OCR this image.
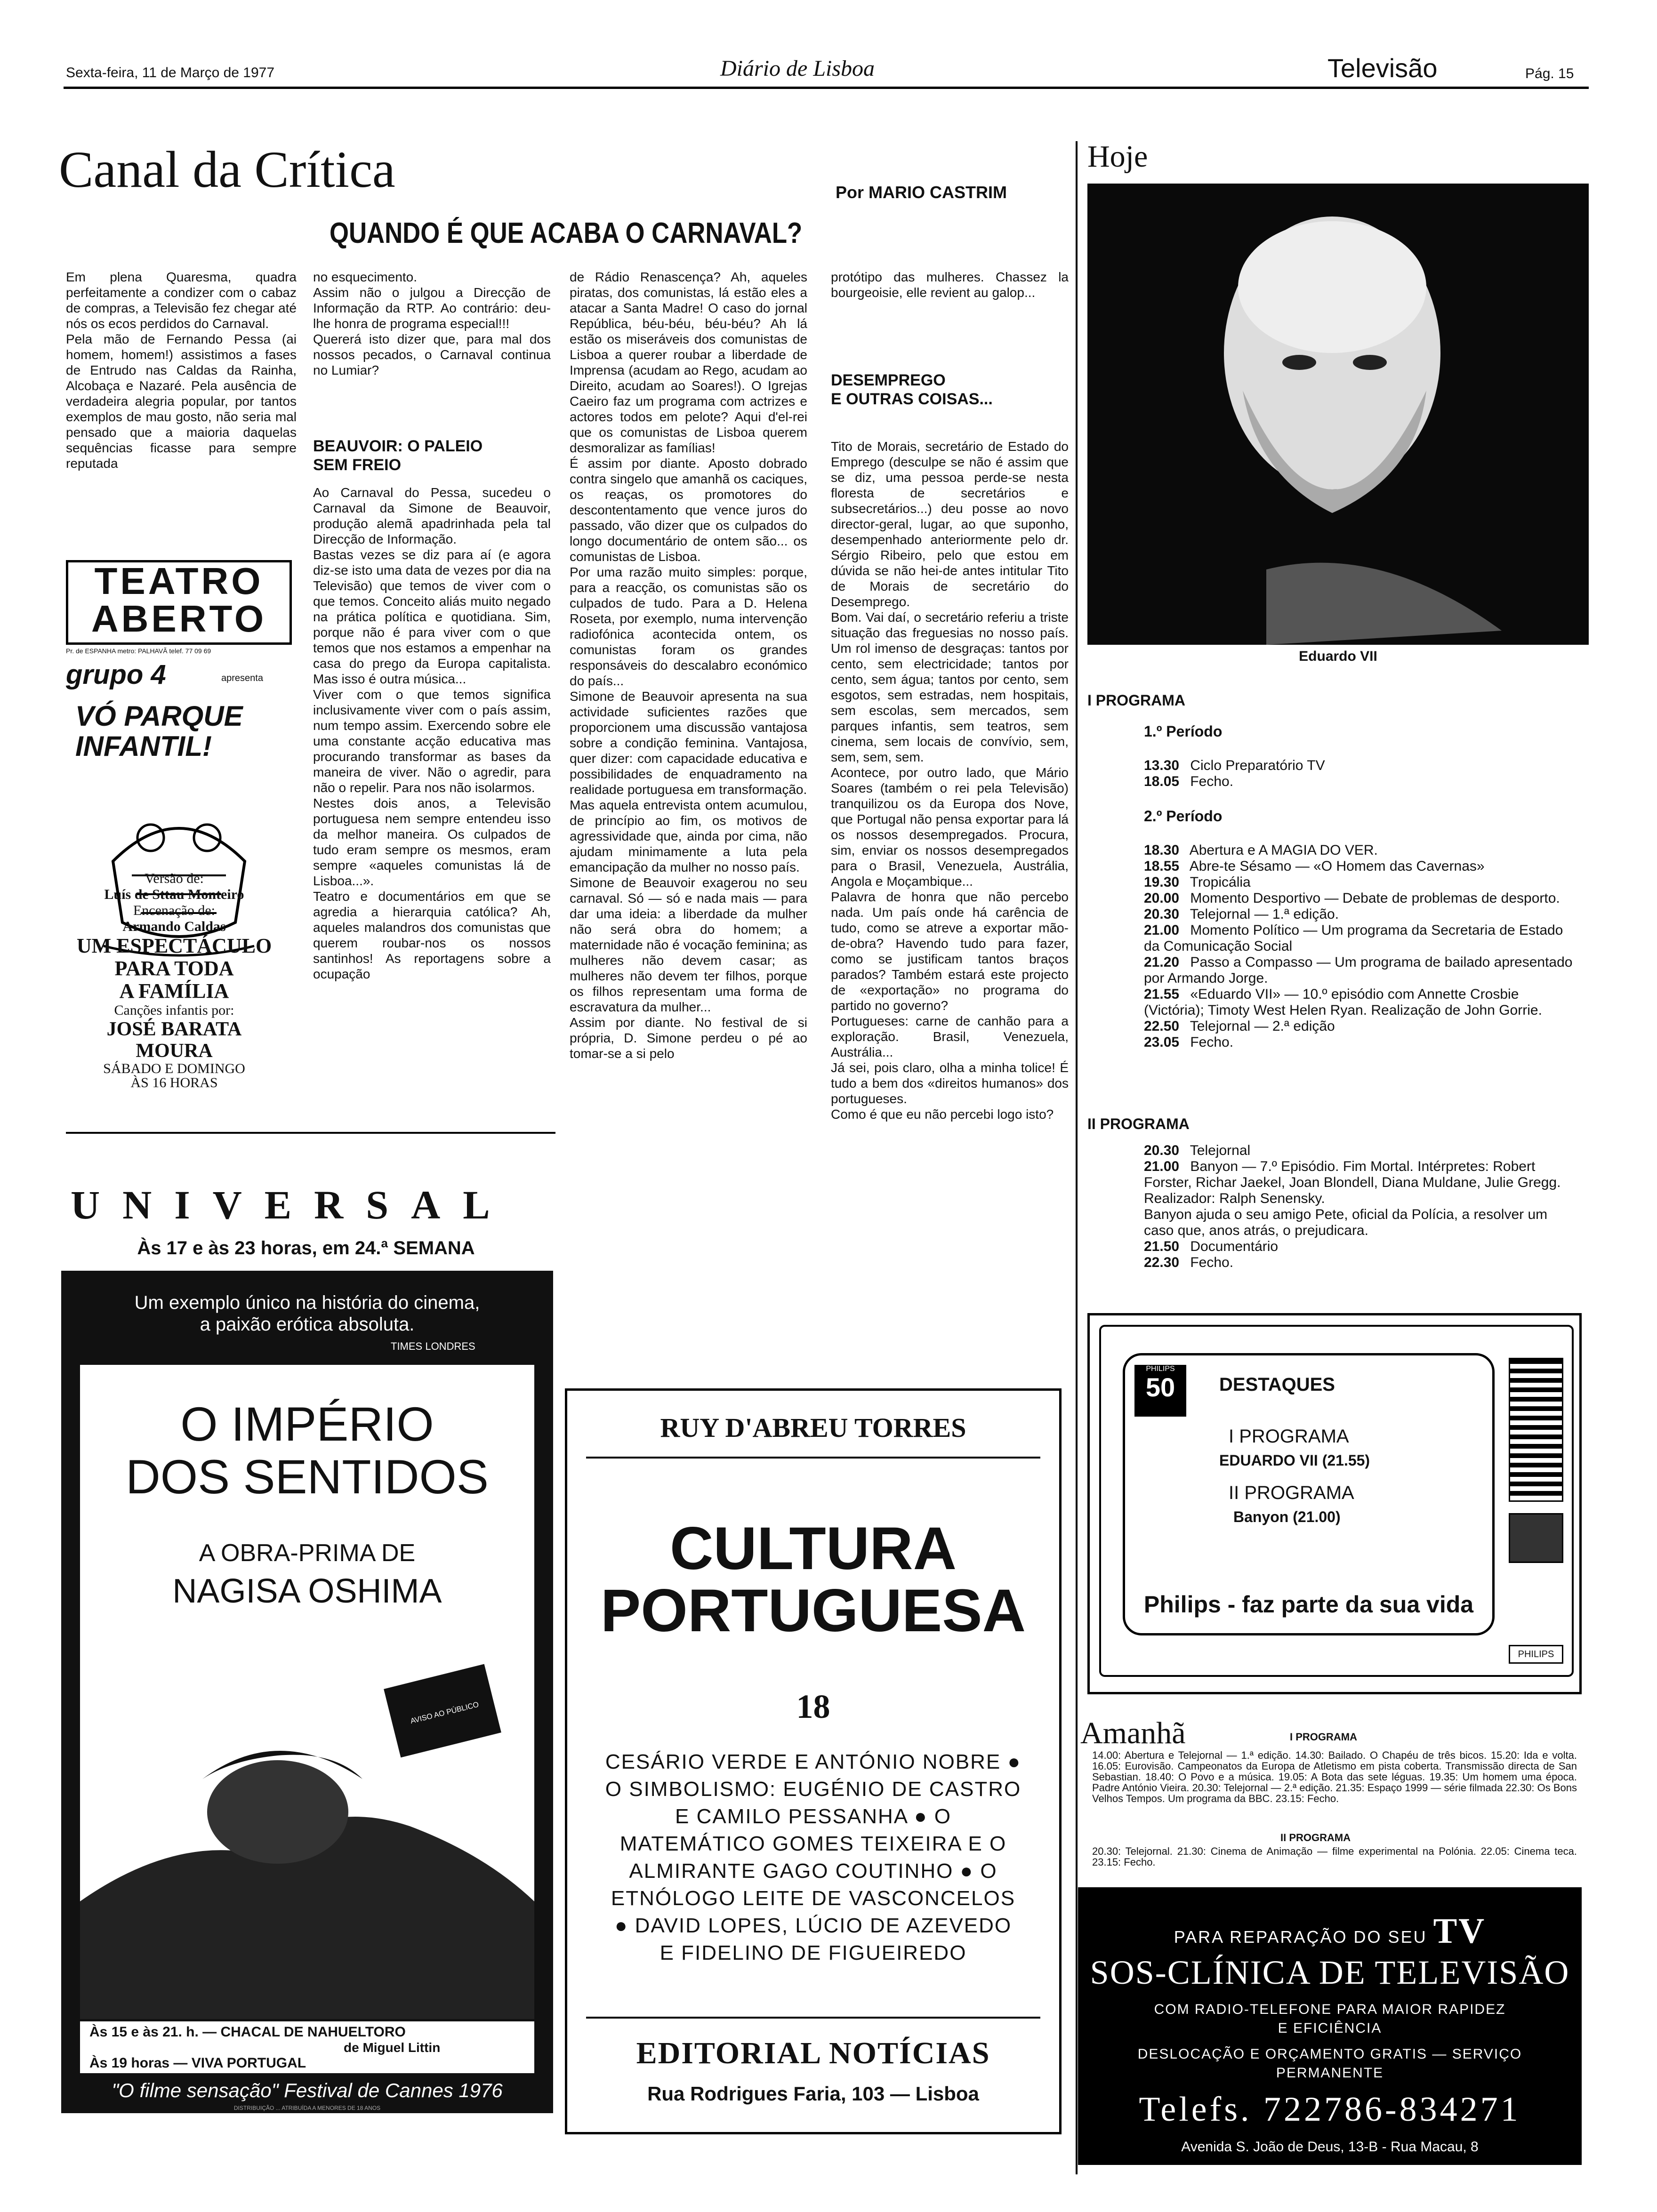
Sexta-feira, 11 de Março de 1977	Diário de Lisboa	Televisão	Pág. 15
Canal da Crítica	Por MARIO CASTRIM
QUANDO É QUE ACABA O CARNAVAL?

Em plena Quaresma, quadra perfeitamente a condizer com o cabaz de compras, a Televisão fez chegar até nós os ecos perdidos do Carnaval.
Pela mão de Fernando Pessa (ai homem, homem!) assistimos a fases de Entrudo nas Caldas da Rainha, Alcobaça e Nazaré. Pela ausência de verdadeira alegria popular, por tantos exemplos de mau gosto, não seria mal pensado que a maioria daquelas sequências ficasse para sempre reputada

no esquecimento.
Assim não o julgou a Direcção de Informação da RTP. Ao contrário: deu-lhe honra de programa especial!!!
Quererá isto dizer que, para mal dos nossos pecados, o Carnaval continua no Lumiar?

BEAUVOIR: O PALEIO
SEM FREIO

Ao Carnaval do Pessa, sucedeu o Carnaval da Simone de Beauvoir, produção alemã apadrinhada pela tal Direcção de Informação.
Bastas vezes se diz para aí (e agora diz-se isto uma data de vezes por dia na Televisão) que temos de viver com o que temos. Conceito aliás muito negado na prática política e quotidiana. Sim, porque não é para viver com o que temos que nos estamos a empenhar na casa do prego da Europa capitalista. Mas isso é outra música...
Viver com o que temos significa inclusivamente viver com o país assim, num tempo assim. Exercendo sobre ele uma constante acção educativa mas procurando transformar as bases da maneira de viver. Não o agredir, para não o repelir. Para nos não isolarmos.
Nestes dois anos, a Televisão portuguesa nem sempre entendeu isso da melhor maneira. Os culpados de tudo eram sempre os mesmos, eram sempre «aqueles comunistas lá de Lisboa...».
Teatro e documentários em que se agredia a hierarquia católica? Ah, aqueles malandros dos comunistas que querem roubar-nos os nossos santinhos! As reportagens sobre a ocupação

de Rádio Renascença? Ah, aqueles piratas, dos comunistas, lá estão eles a atacar a Santa Madre! O caso do jornal República, béu-béu, béu-béu? Ah lá estão os miseráveis dos comunistas de Lisboa a querer roubar a liberdade de Imprensa (acudam ao Rego, acudam ao Direito, acudam ao Soares!). O Igrejas Caeiro faz um programa com actrizes e actores todos em pelote? Aqui d'el-rei que os comunistas de Lisboa querem desmoralizar as famílias!
É assim por diante. Aposto dobrado contra singelo que amanhã os caciques, os reaças, os promotores do descontentamento que vence juros do passado, vão dizer que os culpados do longo documentário de ontem são... os comunistas de Lisboa.
Por uma razão muito simples: porque, para a reacção, os comunistas são os culpados de tudo. Para a D. Helena Roseta, por exemplo, numa intervenção radiofónica acontecida ontem, os comunistas foram os grandes responsáveis do descalabro económico do país...
Simone de Beauvoir apresenta na sua actividade suficientes razões que proporcionem uma discussão vantajosa sobre a condição feminina. Vantajosa, quer dizer: com capacidade educativa e possibilidades de enquadramento na realidade portuguesa em transformação.
Mas aquela entrevista ontem acumulou, de princípio ao fim, os motivos de agressividade que, ainda por cima, não ajudam minimamente a luta pela emancipação da mulher no nosso país.
Simone de Beauvoir exagerou no seu carnaval. Só — só e nada mais — para dar uma ideia: a liberdade da mulher não será obra do homem; a maternidade não é vocação feminina; as mulheres não devem casar; as mulheres não devem ter filhos, porque os filhos representam uma forma de escravatura da mulher...
Assim por diante. No festival de si própria, D. Simone perdeu o pé ao tomar-se a si pelo

protótipo das mulheres. Chassez la bourgeoisie, elle revient au galop...

DESEMPREGO
E OUTRAS COISAS...

Tito de Morais, secretário de Estado do Emprego (desculpe se não é assim que se diz, uma pessoa perde-se nesta floresta de secretários e subsecretários...) deu posse ao novo director-geral, lugar, ao que suponho, desempenhado anteriormente pelo dr. Sérgio Ribeiro, pelo que estou em dúvida se não hei-de antes intitular Tito de Morais de secretário do Desemprego.
Bom. Vai daí, o secretário referiu a triste situação das freguesias no nosso país. Um rol imenso de desgraças: tantos por cento, sem electricidade; tantos por cento, sem água; tantos por cento, sem esgotos, sem estradas, nem hospitais, sem escolas, sem mercados, sem parques infantis, sem teatros, sem cinema, sem locais de convívio, sem, sem, sem, sem.
Acontece, por outro lado, que Mário Soares (também o rei pela Televisão) tranquilizou os da Europa dos Nove, que Portugal não pensa exportar para lá os nossos desempregados. Procura, sim, enviar os nossos desempregados para o Brasil, Venezuela, Austrália, Angola e Moçambique...
Palavra de honra que não percebo nada. Um país onde há carência de tudo, como se atreve a exportar mão-de-obra? Havendo tudo para fazer, como se justificam tantos braços parados? Também estará este projecto de «exportação» no programa do partido no governo?
Portugueses: carne de canhão para a exploração. Brasil, Venezuela, Austrália...
Já sei, pois claro, olha a minha tolice! É tudo a bem dos «direitos humanos» dos portugueses.
Como é que eu não percebi logo isto?

TEATRO ABERTO
Pr. de ESPANHA metro: PALHAVÃ telef. 77 09 69
grupo 4	apresenta
VÓ PARQUE INFANTIL!
Versão de:
Luís de Sttau Monteiro
Encenação de:
Armando Caldas
UM ESPECTÁCULO
PARA TODA
A FAMÍLIA
Canções infantis por:
JOSÉ BARATA
MOURA
SÁBADO E DOMINGO
ÀS 16 HORAS
UNIVERSAL
Às 17 e às 23 horas, em 24.ª SEMANA
Um exemplo único na história do cinema,
a paixão erótica absoluta.
TIMES LONDRES
O IMPÉRIO
DOS SENTIDOS
A OBRA-PRIMA DE
NAGISA OSHIMA
AVISO AO PÚBLICO
Às 15 e às 21. h. — CHACAL DE NAHUELTORO
de Miguel Littin
Às 19 horas — VIVA PORTUGAL
"O filme sensação" Festival de Cannes 1976
DISTRIBUIÇÃO ... ATRIBUÍDA A MENORES DE 18 ANOS
RUY D'ABREU TORRES
CULTURA
PORTUGUESA
18
CESÁRIO VERDE E ANTÓNIO NOBRE ● O SIMBOLISMO: EUGÉNIO DE CASTRO E CAMILO PESSANHA ● O MATEMÁTICO GOMES TEIXEIRA E O ALMIRANTE GAGO COUTINHO ● O ETNÓLOGO LEITE DE VASCONCELOS ● DAVID LOPES, LÚCIO DE AZEVEDO E FIDELINO DE FIGUEIREDO
EDITORIAL NOTÍCIAS
Rua Rodrigues Faria, 103 — Lisboa
Hoje
Eduardo VII
I PROGRAMA
1.º Período

13.30 Ciclo Preparatório TV

18.05 Fecho.

2.º Período

18.30 Abertura e A MAGIA DO VER.

18.55 Abre-te Sésamo — «O Homem das Cavernas»

19.30 Tropicália

20.00 Momento Desportivo — Debate de problemas de desporto.

20.30 Telejornal — 1.ª edição.

21.00 Momento Político — Um programa da Secretaria de Estado da Comunicação Social

21.20 Passo a Compasso — Um programa de bailado apresentado por Armando Jorge.

21.55 «Eduardo VII» — 10.º episódio com Annette Crosbie (Victória); Timoty West Helen Ryan. Realização de John Gorrie.

22.50 Telejornal — 2.ª edição

23.05 Fecho.

II PROGRAMA

20.30 Telejornal

21.00 Banyon — 7.º Episódio. Fim Mortal. Intérpretes: Robert Forster, Richar Jaekel, Joan Blondell, Diana Muldane, Julie Gregg. Realizador: Ralph Senensky.
Banyon ajuda o seu amigo Pete, oficial da Polícia, a resolver um caso que, anos atrás, o prejudicara.

21.50 Documentário

22.30 Fecho.

PHILIPS
50	DESTAQUES
I PROGRAMA
EDUARDO VII (21.55)
II PROGRAMA
Banyon (21.00)
Philips - faz parte da sua vida
PHILIPS
Amanhã	I PROGRAMA

14.00: Abertura e Telejornal — 1.ª edição. 14.30: Bailado. O Chapéu de três bicos. 15.20: Ida e volta. 16.05: Eurovisão. Campeonatos da Europa de Atletismo em pista coberta. Transmissão directa de San Sebastian. 18.40: O Povo e a música. 19.05: A Bota das sete léguas. 19.35: Um homem uma época. Padre António Vieira. 20.30: Telejornal — 2.ª edição. 21.35: Espaço 1999 — série filmada 22.30: Os Bons Velhos Tempos. Um programa da BBC. 23.15: Fecho.

II PROGRAMA

20.30: Telejornal. 21.30: Cinema de Animação — filme experimental na Polónia. 22.05: Cinema teca. 23.15: Fecho.

PARA REPARAÇÃO DO SEU TV
SOS-CLÍNICA DE TELEVISÃO
COM RADIO-TELEFONE PARA MAIOR RAPIDEZ
E EFICIÊNCIA
DESLOCAÇÃO E ORÇAMENTO GRATIS — SERVIÇO
PERMANENTE
Telefs. 722786-834271
Avenida S. João de Deus, 13-B - Rua Macau, 8
